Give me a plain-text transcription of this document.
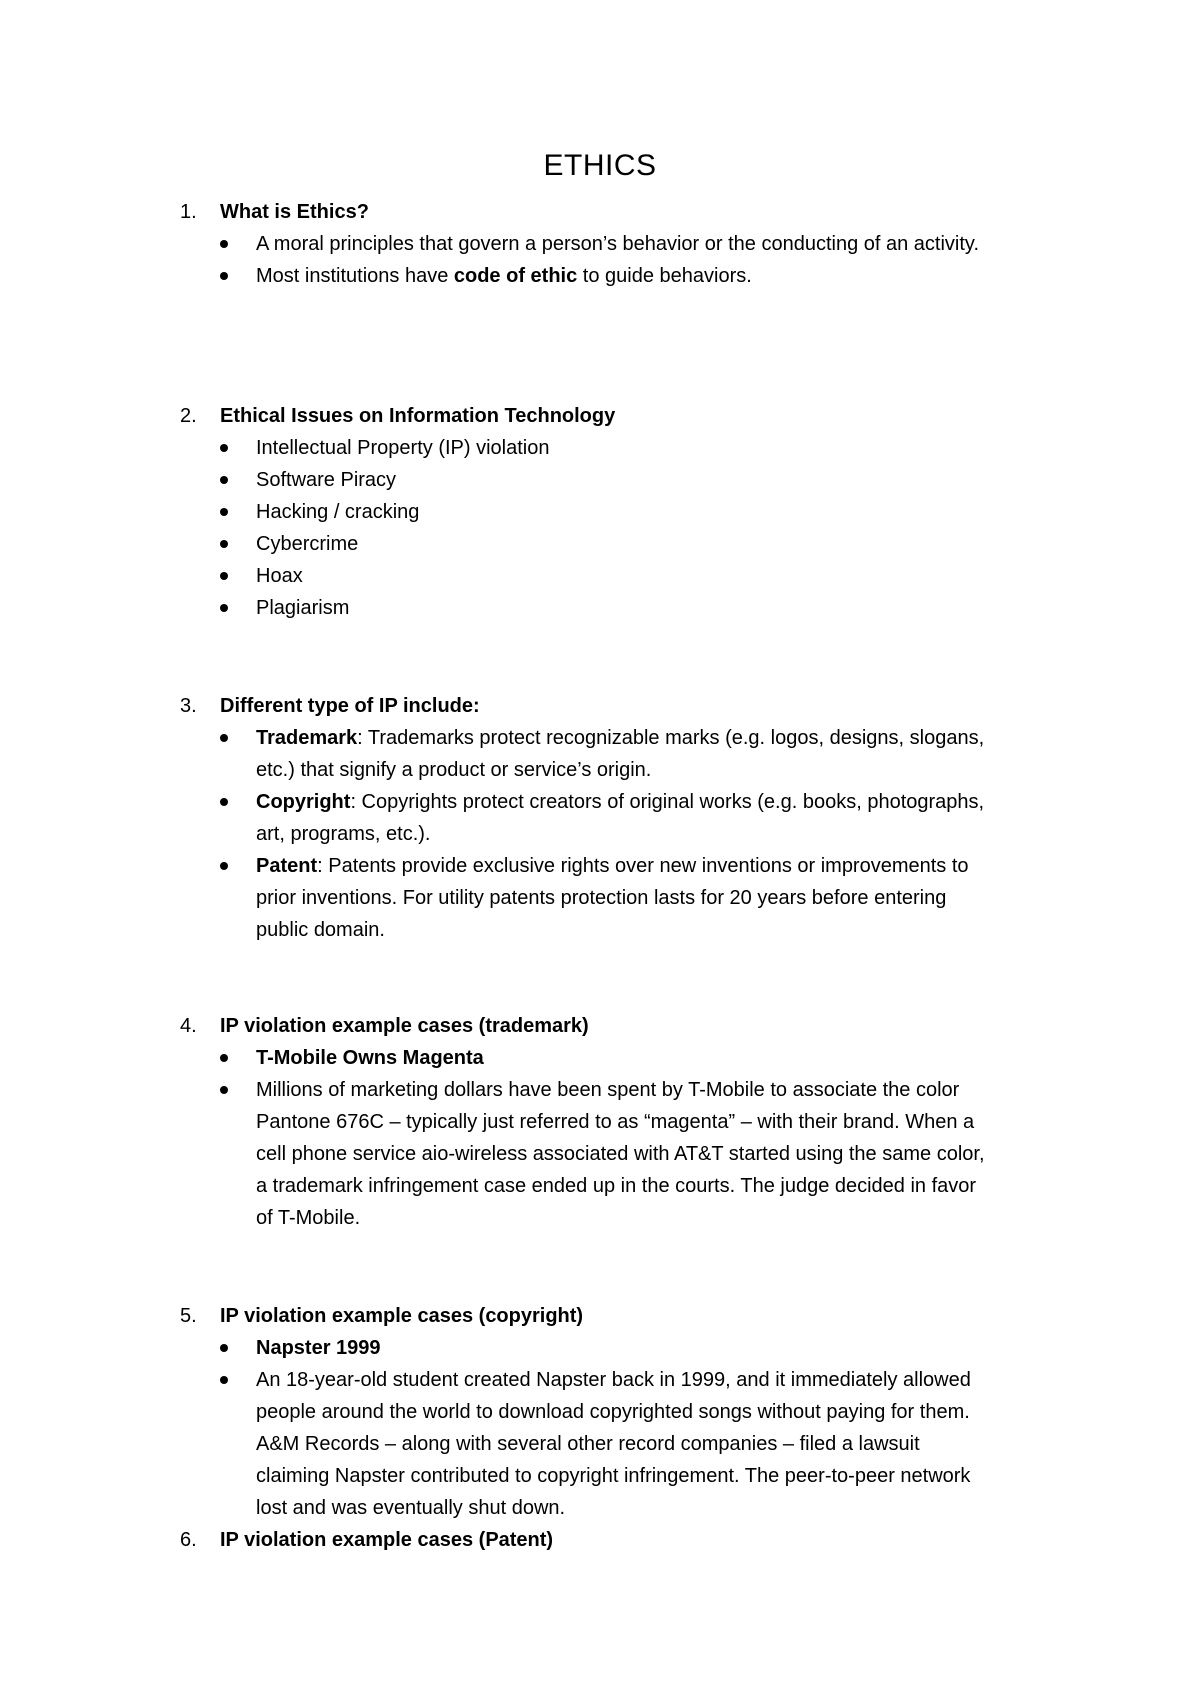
ETHICS
1. What is Ethics?
A moral principles that govern a person’s behavior or the conducting of an activity.
Most institutions have code of ethic to guide behaviors.
2. Ethical Issues on Information Technology
Intellectual Property (IP) violation
Software Piracy
Hacking / cracking
Cybercrime
Hoax
Plagiarism
3. Different type of IP include:
Trademark: Trademarks protect recognizable marks (e.g. logos, designs, slogans, etc.) that signify a product or service’s origin.
Copyright: Copyrights protect creators of original works (e.g. books, photographs, art, programs, etc.).
Patent: Patents provide exclusive rights over new inventions or improvements to prior inventions. For utility patents protection lasts for 20 years before entering public domain.
4. IP violation example cases (trademark)
T-Mobile Owns Magenta
Millions of marketing dollars have been spent by T-Mobile to associate the color Pantone 676C – typically just referred to as “magenta” – with their brand. When a cell phone service aio-wireless associated with AT&T started using the same color, a trademark infringement case ended up in the courts. The judge decided in favor of T-Mobile.
5. IP violation example cases (copyright)
Napster 1999
An 18-year-old student created Napster back in 1999, and it immediately allowed people around the world to download copyrighted songs without paying for them. A&M Records – along with several other record companies – filed a lawsuit claiming Napster contributed to copyright infringement. The peer-to-peer network lost and was eventually shut down.
6. IP violation example cases (Patent)
